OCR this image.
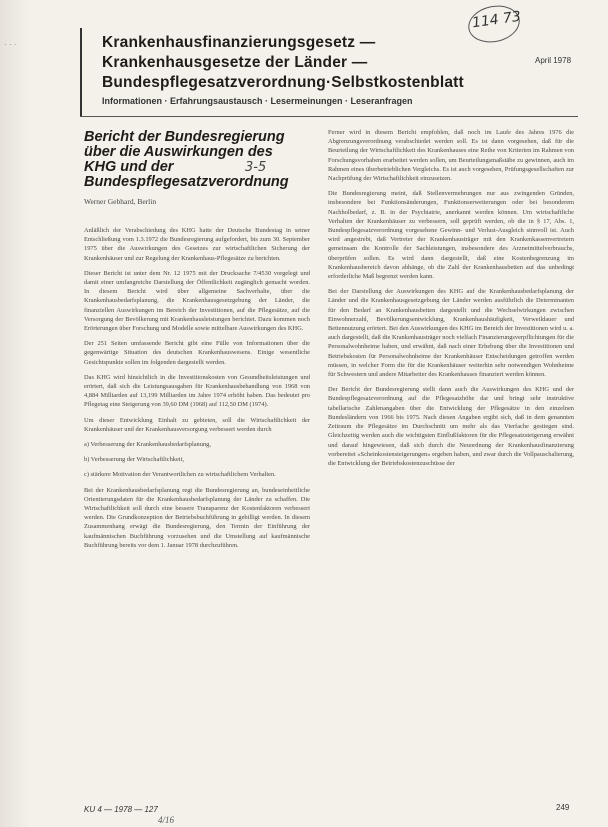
· · ·	Krankenhausfinanzierungsgesetz —
Krankenhausgesetze der Länder —
Bundespflegesatzverordnung·Selbstkostenblatt
Informationen · Erfahrungsaustausch · Lesermeinungen · Leseranfragen
April 1978
114 73
3-5
Bericht der Bundesregierung
über die Auswirkungen des
KHG und der
Bundespflegesatzverordnung
Werner Gebhard, Berlin

Anläßlich der Verabschiedung des KHG hatte der Deutsche Bundestag in seiner Entschließung vom 1.3.1972 die Bundesregierung aufgefordert, bis zum 30. September 1975 über die Auswirkungen des Gesetzes zur wirtschaftlichen Sicherung der Krankenhäuser und zur Regelung der Krankenhaus-Pflegesätze zu berichten.

Dieser Bericht ist unter dem Nr. 12 1975 mit der Drucksache 7/4530 vorgelegt und damit einer umfangreiche Darstellung der Öffentlichkeit zugänglich gemacht worden. In diesem Bericht wird über allgemeine Sachverhalte, über die Krankenhausbedarfsplanung, die Krankenhausgesetzgebung der Länder, die finanziellen Auswirkungen im Bereich der Investitionen, auf die Pflegesätze, auf die Versorgung der Bevölkerung mit Krankenhausleistungen berichtet. Dazu kommen noch Erörterungen über Forschung und Modelle sowie mittelbare Auswirkungen des KHG.

Der 251 Seiten umfassende Bericht gibt eine Fülle von Informationen über die gegenwärtige Situation des deutschen Krankenhauswesens. Einige wesentliche Gesichtspunkte sollen im folgenden dargestellt werden.

Das KHG wird hinsichtlich in die Investitionskosten von Gesundheitsleistungen und erörtert, daß sich die Leistungsausgaben für Krankenhausbehandlung von 1968 von 4,884 Milliarden auf 13,199 Milliarden im Jahre 1974 erhöht haben. Das bedeutet pro Pflegetag eine Steigerung von 39,60 DM (1968) auf 112,50 DM (1974).

Um dieser Entwicklung Einhalt zu gebieten, soll die Wirtschaftlichkeit der Krankenhäuser und der Krankenhausversorgung verbessert werden durch

a) Verbesserung der Krankenhausbedarfsplanung,

b) Verbesserung der Wirtschaftlichkeit,

c) stärkere Motivation der Verantwortlichen zu wirtschaftlichem Verhalten.

Bei der Krankenhausbedarfsplanung regt die Bundesregierung an, bundeseinheitliche Orientierungsdaten für die Krankenhausbedarfsplanung der Länder zu schaffen. Die Wirtschaftlichkeit soll durch eine bessere Transparenz der Kostenfaktoren verbessert werden. Die Grundkonzeption der Betriebsbuchführung in gebilligt werden. In diesem Zusammenhang erwägt die Bundesregierung, den Termin der Einführung der kaufmännischen Buchführung vorzusehen und die Umstellung auf kaufmännische Buchführung bereits vor dem 1. Januar 1978 durchzuführen.

Ferner wird in diesem Bericht empfohlen, daß noch im Laufe des Jahres 1976 die Abgrenzungsverordnung verabschiedet werden soll. Es ist dann vorgesehen, daß für die Beurteilung der Wirtschaftlichkeit des Krankenhauses eine Reihe von Kriterien im Rahmen von Forschungsvorhaben erarbeitet werden sollen, um Beurteilungsmaßstäbe zu gewinnen, auch im Rahmen eines überbetrieblichen Vergleichs. Es ist auch vorgesehen, Prüfungsgesellschaften zur Nachprüfung der Wirtschaftlichkeit einzusetzen.

Die Bundesregierung meint, daß Stellenvermehrungen nur aus zwingenden Gründen, insbesondere bei Funktionsänderungen, Funktionserweiterungen oder bei besonderem Nachholbedarf, z. B. in der Psychiatrie, anerkannt werden können. Um wirtschaftliche Verhalten der Krankenhäuser zu verbessern, soll geprüft werden, ob die in § 17, Abs. 1, Bundespflegesatzverordnung vorgesehene Gewinn- und Verlust-Ausgleich sinnvoll ist. Auch wird angestrebt, daß Vertreter der Krankenhausträger mit den Krankenkassenvertretern gemeinsam die Kontrolle der Sachleistungen, insbesondere des Arzneimittelverbrauchs, überprüfen sollen. Es wird dann dargestellt, daß eine Kostenbegrenzung im Krankenhausbereich davon abhänge, ob die Zahl der Krankenhausbetten auf das unbedingt erforderliche Maß begrenzt werden kann.

Bei der Darstellung der Auswirkungen des KHG auf die Krankenhausbedarfsplanung der Länder und die Krankenhausgesetzgebung der Länder werden ausführlich die Determinanten für den Bedarf an Krankenhausbetten dargestellt und die Wechselwirkungen zwischen Einwohnerzahl, Bevölkerungsentwicklung, Krankenhaushäufigkeit, Verweildauer und Bettennutzung erörtert. Bei den Auswirkungen des KHG im Bereich der Investitionen wird u. a. auch dargestellt, daß die Krankenhausträger noch vielfach Finanzierungsverpflichtungen für die Personalwohnheime haben, und erwähnt, daß nach einer Erhebung über die Investitionen und Betriebskosten für Personalwohnheime der Krankenhäuser Entscheidungen getroffen werden müssen, in welcher Form die für die Krankenhäuser weiterhin sehr notwendigen Wohnheime für Schwestern und andere Mitarbeiter des Krankenhauses finanziert werden können.

Der Bericht der Bundesregierung stellt dann auch die Auswirkungen des KHG und der Bundespflegesatzverordnung auf die Pflegesatzhöhe dar und bringt sehr instruktive tabellarische Zahlenangaben über die Entwicklung der Pflegesätze in den einzelnen Bundesländern von 1966 bis 1975. Nach diesen Angaben ergibt sich, daß in dem genannten Zeitraum die Pflegesätze im Durchschnitt um mehr als das Vierfache gestiegen sind. Gleichzeitig werden auch die wichtigsten Einflußfaktoren für die Pflegesatzsteigerung erwähnt und darauf hingewiesen, daß sich durch die Neuordnung der Krankenhausfinanzierung vorbereitet «Scheinkostensteigerungen» ergeben haben, und zwar durch die Vollpauschalierung, die Entwicklung der Betriebskostenzuschüsse der

KU 4 — 1978 — 127
4/16
249
